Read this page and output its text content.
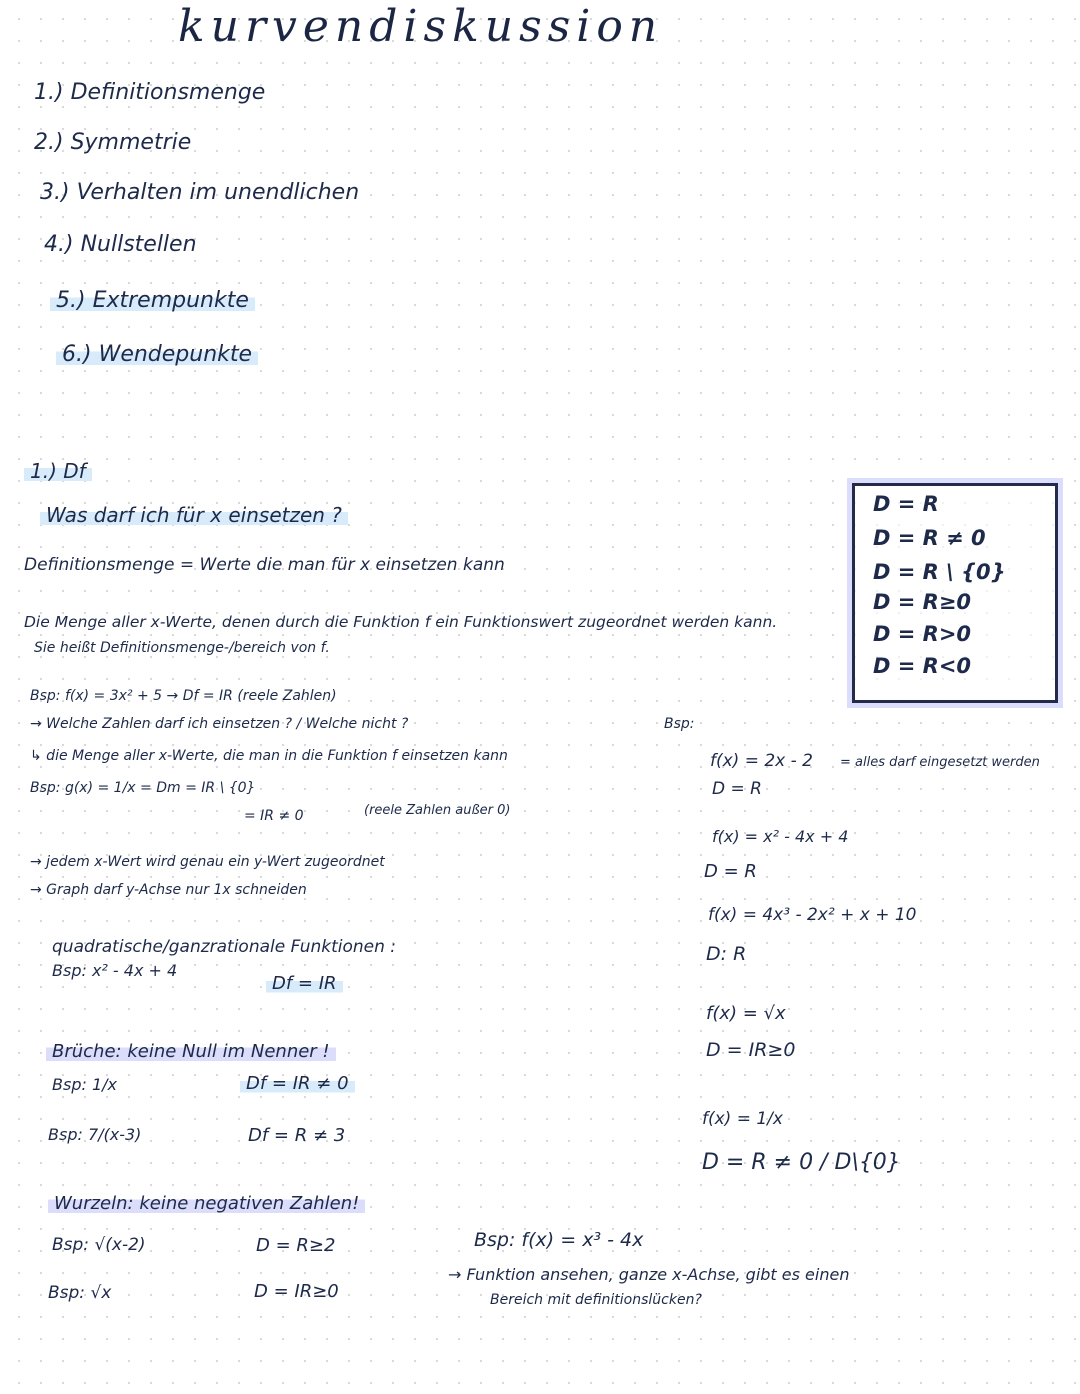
kurvendiskussion
1.) Definitionsmenge
2.) Symmetrie
3.) Verhalten im unendlichen
4.) Nullstellen
5.) Extrempunkte
6.) Wendepunkte
1.) Df
Was darf ich für x einsetzen ?
Definitionsmenge = Werte die man für x einsetzen kann
Die Menge aller x-Werte, denen durch die Funktion f ein Funktionswert zugeordnet werden kann.
Sie heißt Definitionsmenge-/bereich von f.
Bsp: f(x) = 3x² + 5 → Df = IR (reele Zahlen)
→ Welche Zahlen darf ich einsetzen ? / Welche nicht ?
↳ die Menge aller x-Werte, die man in die Funktion f einsetzen kann
Bsp: g(x) = 1/x = Dm = IR \ {0}
= IR ≠ 0	(reele Zahlen außer 0)
→ jedem x-Wert wird genau ein y-Wert zugeordnet
→ Graph darf y-Achse nur 1x schneiden
quadratische/ganzrationale Funktionen :
Bsp: x² - 4x + 4
Df = IR
Brüche: keine Null im Nenner !
Bsp: 1/x	Df = IR ≠ 0
Bsp: 7/(x-3)	Df = R ≠ 3
Wurzeln: keine negativen Zahlen!
Bsp: √(x-2)	D = R≥2
Bsp: √x	D = IR≥0
D = R
D = R ≠ 0
D = R \ {0}
D = R≥0
D = R>0
D = R<0
Bsp:
f(x) = 2x - 2 = alles darf eingesetzt werden
D = R
f(x) = x² - 4x + 4
D = R
f(x) = 4x³ - 2x² + x + 10
D: R
f(x) = √x
D = IR≥0
f(x) = 1/x
D = R ≠ 0 / D\{0}
Bsp: f(x) = x³ - 4x
→ Funktion ansehen, ganze x-Achse, gibt es einen
Bereich mit definitionslücken?
